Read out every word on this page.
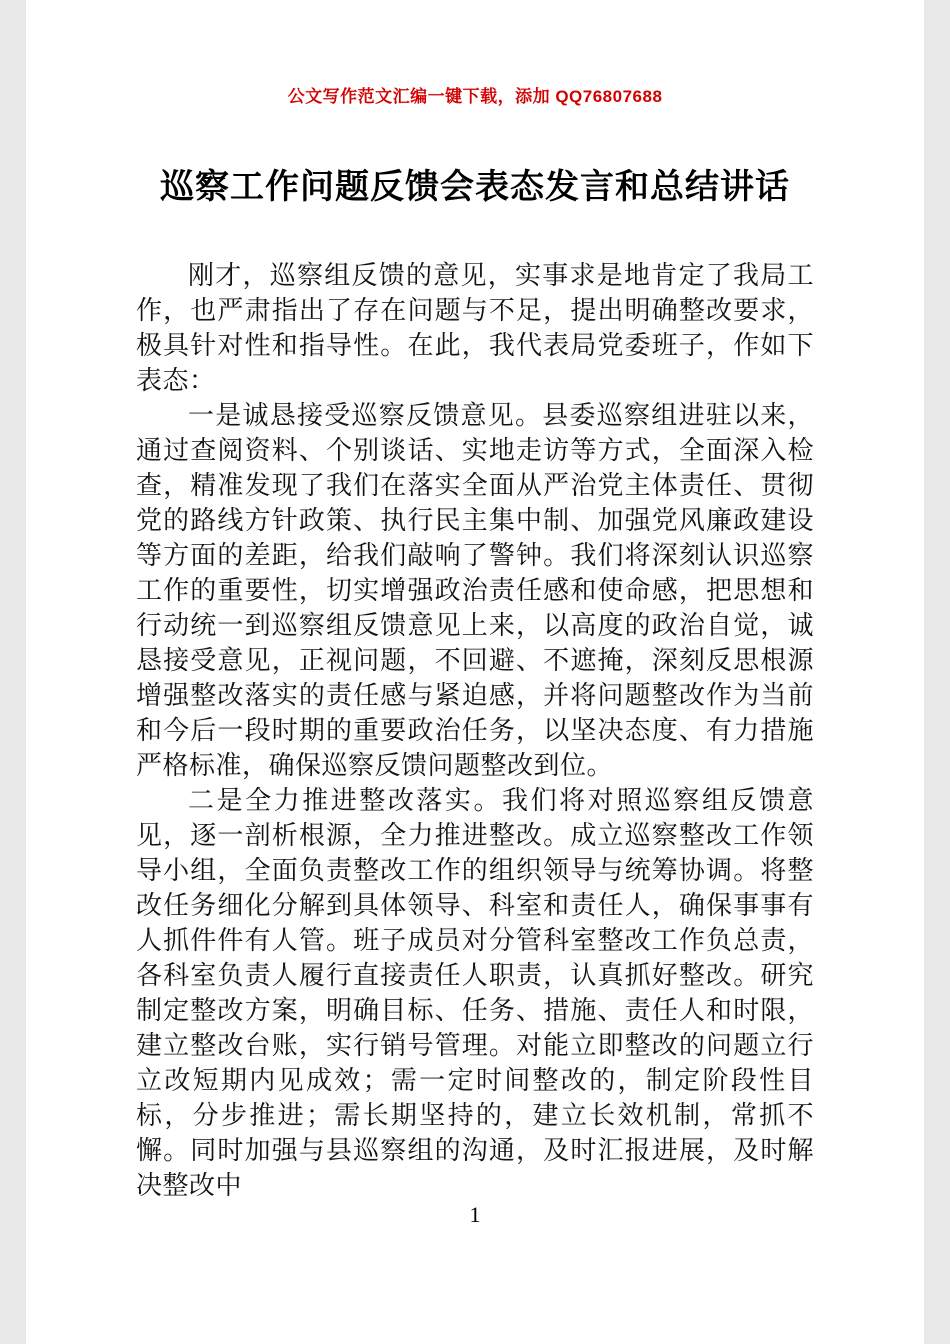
公文写作范文汇编一键下载，添加 QQ76807688
巡察工作问题反馈会表态发言和总结讲话

刚才，巡察组反馈的意见，实事求是地肯定了我局工作，也严肃指出了存在问题与不足，提出明确整改要求，极具针对性和指导性。在此，我代表局党委班子，作如下表态：

一是诚恳接受巡察反馈意见。县委巡察组进驻以来，通过查阅资料、个别谈话、实地走访等方式，全面深入检查，精准发现了我们在落实全面从严治党主体责任、贯彻党的路线方针政策、执行民主集中制、加强党风廉政建设等方面的差距，给我们敲响了警钟。我们将深刻认识巡察工作的重要性，切实增强政治责任感和使命感，把思想和行动统一到巡察组反馈意见上来，以高度的政治自觉，诚恳接受意见，正视问题，不回避、不遮掩，深刻反思根源增强整改落实的责任感与紧迫感，并将问题整改作为当前和今后一段时期的重要政治任务，以坚决态度、有力措施严格标准，确保巡察反馈问题整改到位。

二是全力推进整改落实。我们将对照巡察组反馈意见，逐一剖析根源，全力推进整改。成立巡察整改工作领导小组，全面负责整改工作的组织领导与统筹协调。将整改任务细化分解到具体领导、科室和责任人，确保事事有人抓件件有人管。班子成员对分管科室整改工作负总责，各科室负责人履行直接责任人职责，认真抓好整改。研究制定整改方案，明确目标、任务、措施、责任人和时限，建立整改台账，实行销号管理。对能立即整改的问题立行立改短期内见成效；需一定时间整改的，制定阶段性目标，分步推进；需长期坚持的，建立长效机制，常抓不懈。同时加强与县巡察组的沟通，及时汇报进展，及时解决整改中

1
